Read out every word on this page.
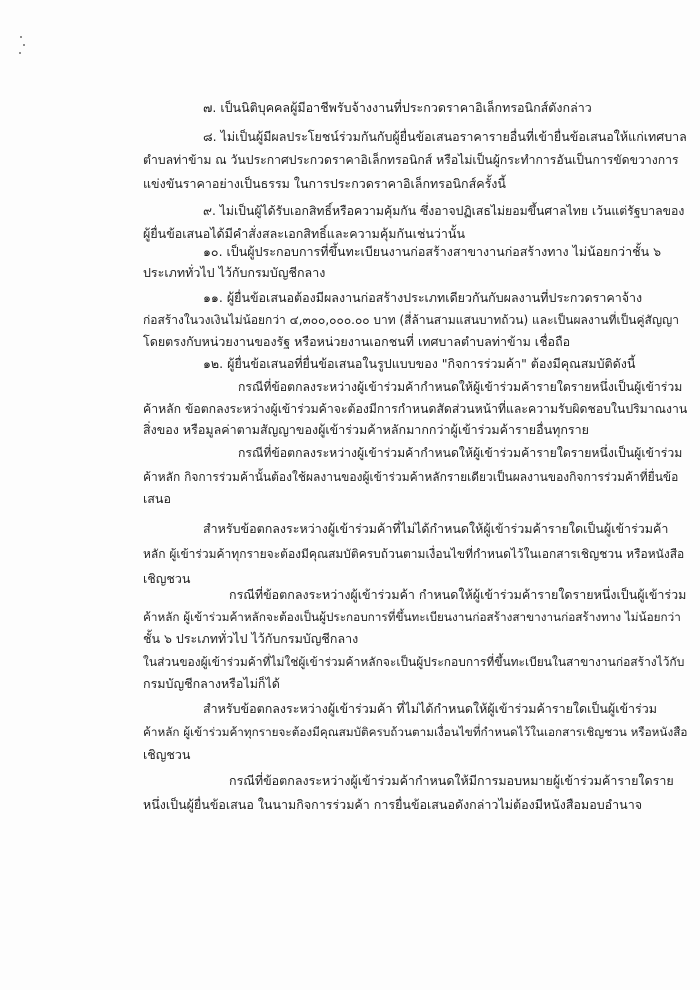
๗. เป็นนิติบุคคลผู้มีอาชีพรับจ้างงานที่ประกวดราคาอิเล็กทรอนิกส์ดังกล่าว
๘. ไม่เป็นผู้มีผลประโยชน์ร่วมกันกับผู้ยื่นข้อเสนอราคารายอื่นที่เข้ายื่นข้อเสนอให้แก่เทศบาล
ตำบลท่าข้าม ณ วันประกาศประกวดราคาอิเล็กทรอนิกส์ หรือไม่เป็นผู้กระทำการอันเป็นการขัดขวางการ
แข่งขันราคาอย่างเป็นธรรม ในการประกวดราคาอิเล็กทรอนิกส์ครั้งนี้
๙. ไม่เป็นผู้ได้รับเอกสิทธิ์หรือความคุ้มกัน ซึ่งอาจปฏิเสธไม่ยอมขึ้นศาลไทย เว้นแต่รัฐบาลของ
ผู้ยื่นข้อเสนอได้มีคำสั่งสละเอกสิทธิ์และความคุ้มกันเช่นว่านั้น
๑๐. เป็นผู้ประกอบการที่ขึ้นทะเบียนงานก่อสร้างสาขางานก่อสร้างทาง ไม่น้อยกว่าชั้น ๖
ประเภททั่วไป ไว้กับกรมบัญชีกลาง
๑๑. ผู้ยื่นข้อเสนอต้องมีผลงานก่อสร้างประเภทเดียวกันกับผลงานที่ประกวดราคาจ้าง
ก่อสร้างในวงเงินไม่น้อยกว่า ๔,๓๐๐,๐๐๐.๐๐ บาท (สี่ล้านสามแสนบาทถ้วน) และเป็นผลงานที่เป็นคู่สัญญา
โดยตรงกับหน่วยงานของรัฐ หรือหน่วยงานเอกชนที่ เทศบาลตำบลท่าข้าม เชื่อถือ
๑๒. ผู้ยื่นข้อเสนอที่ยื่นข้อเสนอในรูปแบบของ "กิจการร่วมค้า" ต้องมีคุณสมบัติดังนี้
กรณีที่ข้อตกลงระหว่างผู้เข้าร่วมค้ากำหนดให้ผู้เข้าร่วมค้ารายใดรายหนึ่งเป็นผู้เข้าร่วม
ค้าหลัก ข้อตกลงระหว่างผู้เข้าร่วมค้าจะต้องมีการกำหนดสัดส่วนหน้าที่และความรับผิดชอบในปริมาณงาน
สิ่งของ หรือมูลค่าตามสัญญาของผู้เข้าร่วมค้าหลักมากกว่าผู้เข้าร่วมค้ารายอื่นทุกราย
กรณีที่ข้อตกลงระหว่างผู้เข้าร่วมค้ากำหนดให้ผู้เข้าร่วมค้ารายใดรายหนึ่งเป็นผู้เข้าร่วม
ค้าหลัก กิจการร่วมค้านั้นต้องใช้ผลงานของผู้เข้าร่วมค้าหลักรายเดียวเป็นผลงานของกิจการร่วมค้าที่ยื่นข้อ
เสนอ
สำหรับข้อตกลงระหว่างผู้เข้าร่วมค้าที่ไม่ได้กำหนดให้ผู้เข้าร่วมค้ารายใดเป็นผู้เข้าร่วมค้า
หลัก ผู้เข้าร่วมค้าทุกรายจะต้องมีคุณสมบัติครบถ้วนตามเงื่อนไขที่กำหนดไว้ในเอกสารเชิญชวน หรือหนังสือ
เชิญชวน
กรณีที่ข้อตกลงระหว่างผู้เข้าร่วมค้า กำหนดให้ผู้เข้าร่วมค้ารายใดรายหนึ่งเป็นผู้เข้าร่วม
ค้าหลัก ผู้เข้าร่วมค้าหลักจะต้องเป็นผู้ประกอบการที่ขึ้นทะเบียนงานก่อสร้างสาขางานก่อสร้างทาง ไม่น้อยกว่า
ชั้น ๖ ประเภททั่วไป ไว้กับกรมบัญชีกลาง
ในส่วนของผู้เข้าร่วมค้าที่ไม่ใช่ผู้เข้าร่วมค้าหลักจะเป็นผู้ประกอบการที่ขึ้นทะเบียนในสาขางานก่อสร้างไว้กับ
กรมบัญชีกลางหรือไม่ก็ได้
สำหรับข้อตกลงระหว่างผู้เข้าร่วมค้า ที่ไม่ได้กำหนดให้ผู้เข้าร่วมค้ารายใดเป็นผู้เข้าร่วม
ค้าหลัก ผู้เข้าร่วมค้าทุกรายจะต้องมีคุณสมบัติครบถ้วนตามเงื่อนไขที่กำหนดไว้ในเอกสารเชิญชวน หรือหนังสือ
เชิญชวน
กรณีที่ข้อตกลงระหว่างผู้เข้าร่วมค้ากำหนดให้มีการมอบหมายผู้เข้าร่วมค้ารายใดราย
หนึ่งเป็นผู้ยื่นข้อเสนอ ในนามกิจการร่วมค้า การยื่นข้อเสนอดังกล่าวไม่ต้องมีหนังสือมอบอำนาจ
